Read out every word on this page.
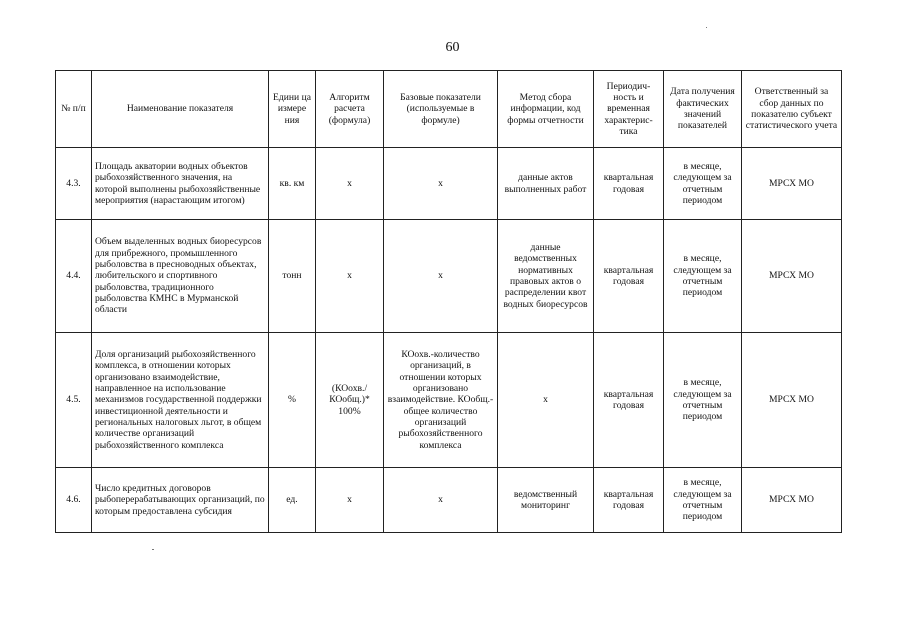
60
№ п/п	Наименование показателя	Едини ца измере ния	Алгоритм расчета (формула)	Базовые показатели (используемые в формуле)	Метод сбора информации, код формы отчетности	Периодич-ность и временная характерис-тика	Дата получения фактических значений показателей	Ответственный за сбор данных по показателю субъект статистического учета
4.3.	Площадь акватории водных объектов рыбохозяйственного значения, на которой выполнены рыбохозяйственные мероприятия (нарастающим итогом)	кв. км	х	х	данные актов выполненных работ	квартальная годовая	в месяце, следующем за отчетным периодом	МРСХ МО
4.4.	Объем выделенных водных биоресурсов для прибрежного, промышленного рыболовства в пресноводных объектах, любительского и спортивного рыболовства, традиционного рыболовства КМНС в Мурманской области	тонн	х	х	данные ведомственных нормативных правовых актов о распределении квот водных биоресурсов	квартальная годовая	в месяце, следующем за отчетным периодом	МРСХ МО
4.5.	Доля организаций рыбохозяйственного комплекса, в отношении которых организовано взаимодействие, направленное на использование механизмов государственной поддержки инвестиционной деятельности и региональных налоговых льгот, в общем количестве организаций рыбохозяйственного комплекса	%	(КОохв./ КОобщ.)* 100%	КОохв.-количество организаций, в отношении которых организовано взаимодействие. КОобщ.-общее количество организаций рыбохозяйственного комплекса	х	квартальная годовая	в месяце, следующем за отчетным периодом	МРСХ МО
4.6.	Число кредитных договоров рыбоперерабатывающих организаций, по которым предоставлена субсидия	ед.	х	х	ведомственный мониторинг	квартальная годовая	в месяце, следующем за отчетным периодом	МРСХ МО
